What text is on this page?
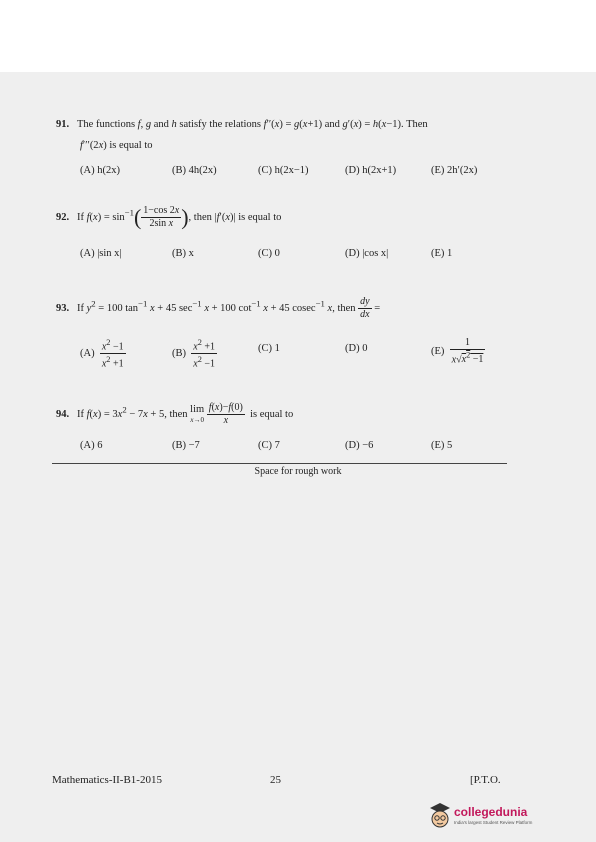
91. The functions f, g and h satisfy the relations f′′(x) = g(x+1) and g′(x) = h(x−1). Then
f′′′(2x) is equal to
(A) h(2x)	(B) 4h(2x)	(C) h(2x−1)	(D) h(2x+1)	(E) 2h′(2x)
92. If $f(x) = \sin^{-1}( \frac{1-\cos 2x}{\text{2sin x}}$ ), then |f′(x)| is equal to
(A) |sin x|	(B) x	(C) 0	(D) |cos x|	(E) 1
93. If $y^2 = 100$ $\tan^{-1} x + 45$ $\sec^{-1} x + 100$ $\cot^{-1} x + 45$ cosec$^{-1}$ x, then $\frac{dy}{dx}$ =
$(A) \frac{x^2 -1}{x^2 +1}$	$(B) \frac{x^2 +1}{x^2 -1}$	(C) 1	(D) 0	$(E) \frac{1}{x√x^2 -1}$
94. If $f(x) = 3x^2 - 7x + 5$, then lim
$x\to 0 \frac{f(x)-f(0)}{x}$ is equal to
(A) 6	(B) −7	(C) 7	(D) −6	(E) 5
Space for rough work
Mathematics-II-B1-2015	25	[P.T.O.
collegedunia
India's largest Student Review Platform
